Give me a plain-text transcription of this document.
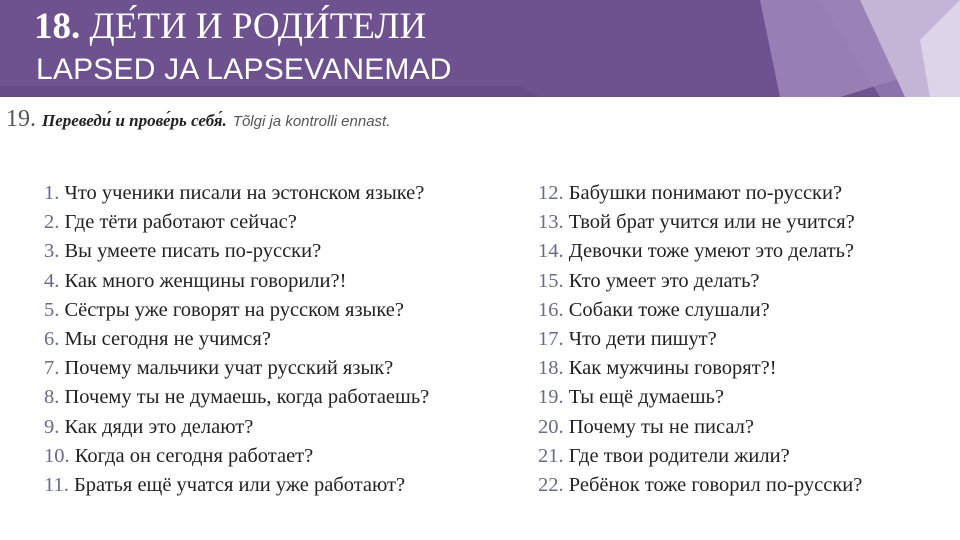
18. ДЕ́ТИ И РОДИ́ТЕЛИ
LAPSED JA LAPSEVANEMAD
19. Переведи́ и прове́рь себя́. Tõlgi ja kontrolli ennast.
1. Что ученики писали на эстонском языке?
2. Где тёти работают сейчас?
3. Вы умеете писать по-русски?
4. Как много женщины говорили?!
5. Сёстры уже говорят на русском языке?
6. Мы сегодня не учимся?
7. Почему мальчики учат русский язык?
8. Почему ты не думаешь, когда работаешь?
9. Как дяди это делают?
10. Когда он сегодня работает?
11. Братья ещё учатся или уже работают?
12. Бабушки понимают по-русски?
13. Твой брат учится или не учится?
14. Девочки тоже умеют это делать?
15. Кто умеет это делать?
16. Собаки тоже слушали?
17. Что дети пишут?
18. Как мужчины говорят?!
19. Ты ещё думаешь?
20. Почему ты не писал?
21. Где твои родители жили?
22. Ребёнок тоже говорил по-русски?
